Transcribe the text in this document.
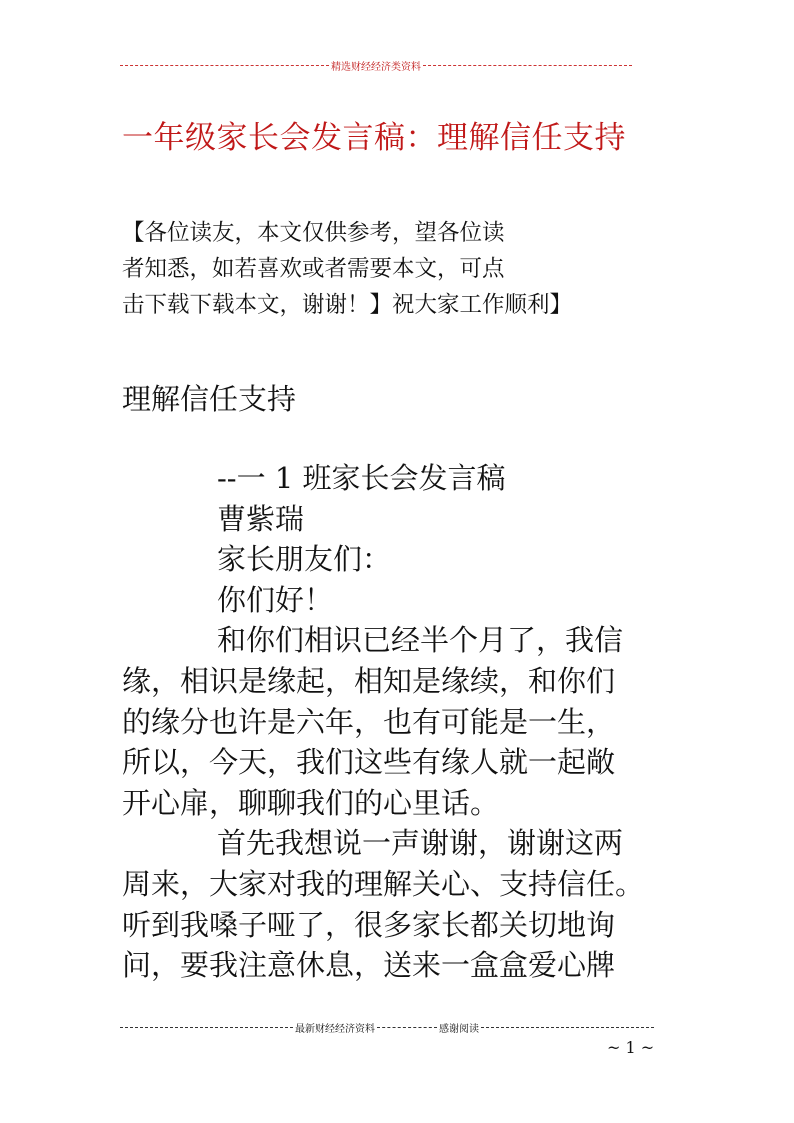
精选财经经济类资料
一年级家长会发言稿：理解信任支持
【各位读友，本文仅供参考，望各位读
者知悉，如若喜欢或者需要本文，可点
击下载下载本文，谢谢！】祝大家工作顺利】
理解信任支持
--一 1 班家长会发言稿
曹紫瑞
家长朋友们：
你们好！
和你们相识已经半个月了，我信
缘，相识是缘起，相知是缘续，和你们
的缘分也许是六年，也有可能是一生，
所以，今天，我们这些有缘人就一起敞
开心扉，聊聊我们的心里话。
首先我想说一声谢谢，谢谢这两
周来，大家对我的理解关心、支持信任。
听到我嗓子哑了，很多家长都关切地询
问，要我注意休息，送来一盒盒爱心牌
最新财经经济资料	感谢阅读
~ 1 ~
